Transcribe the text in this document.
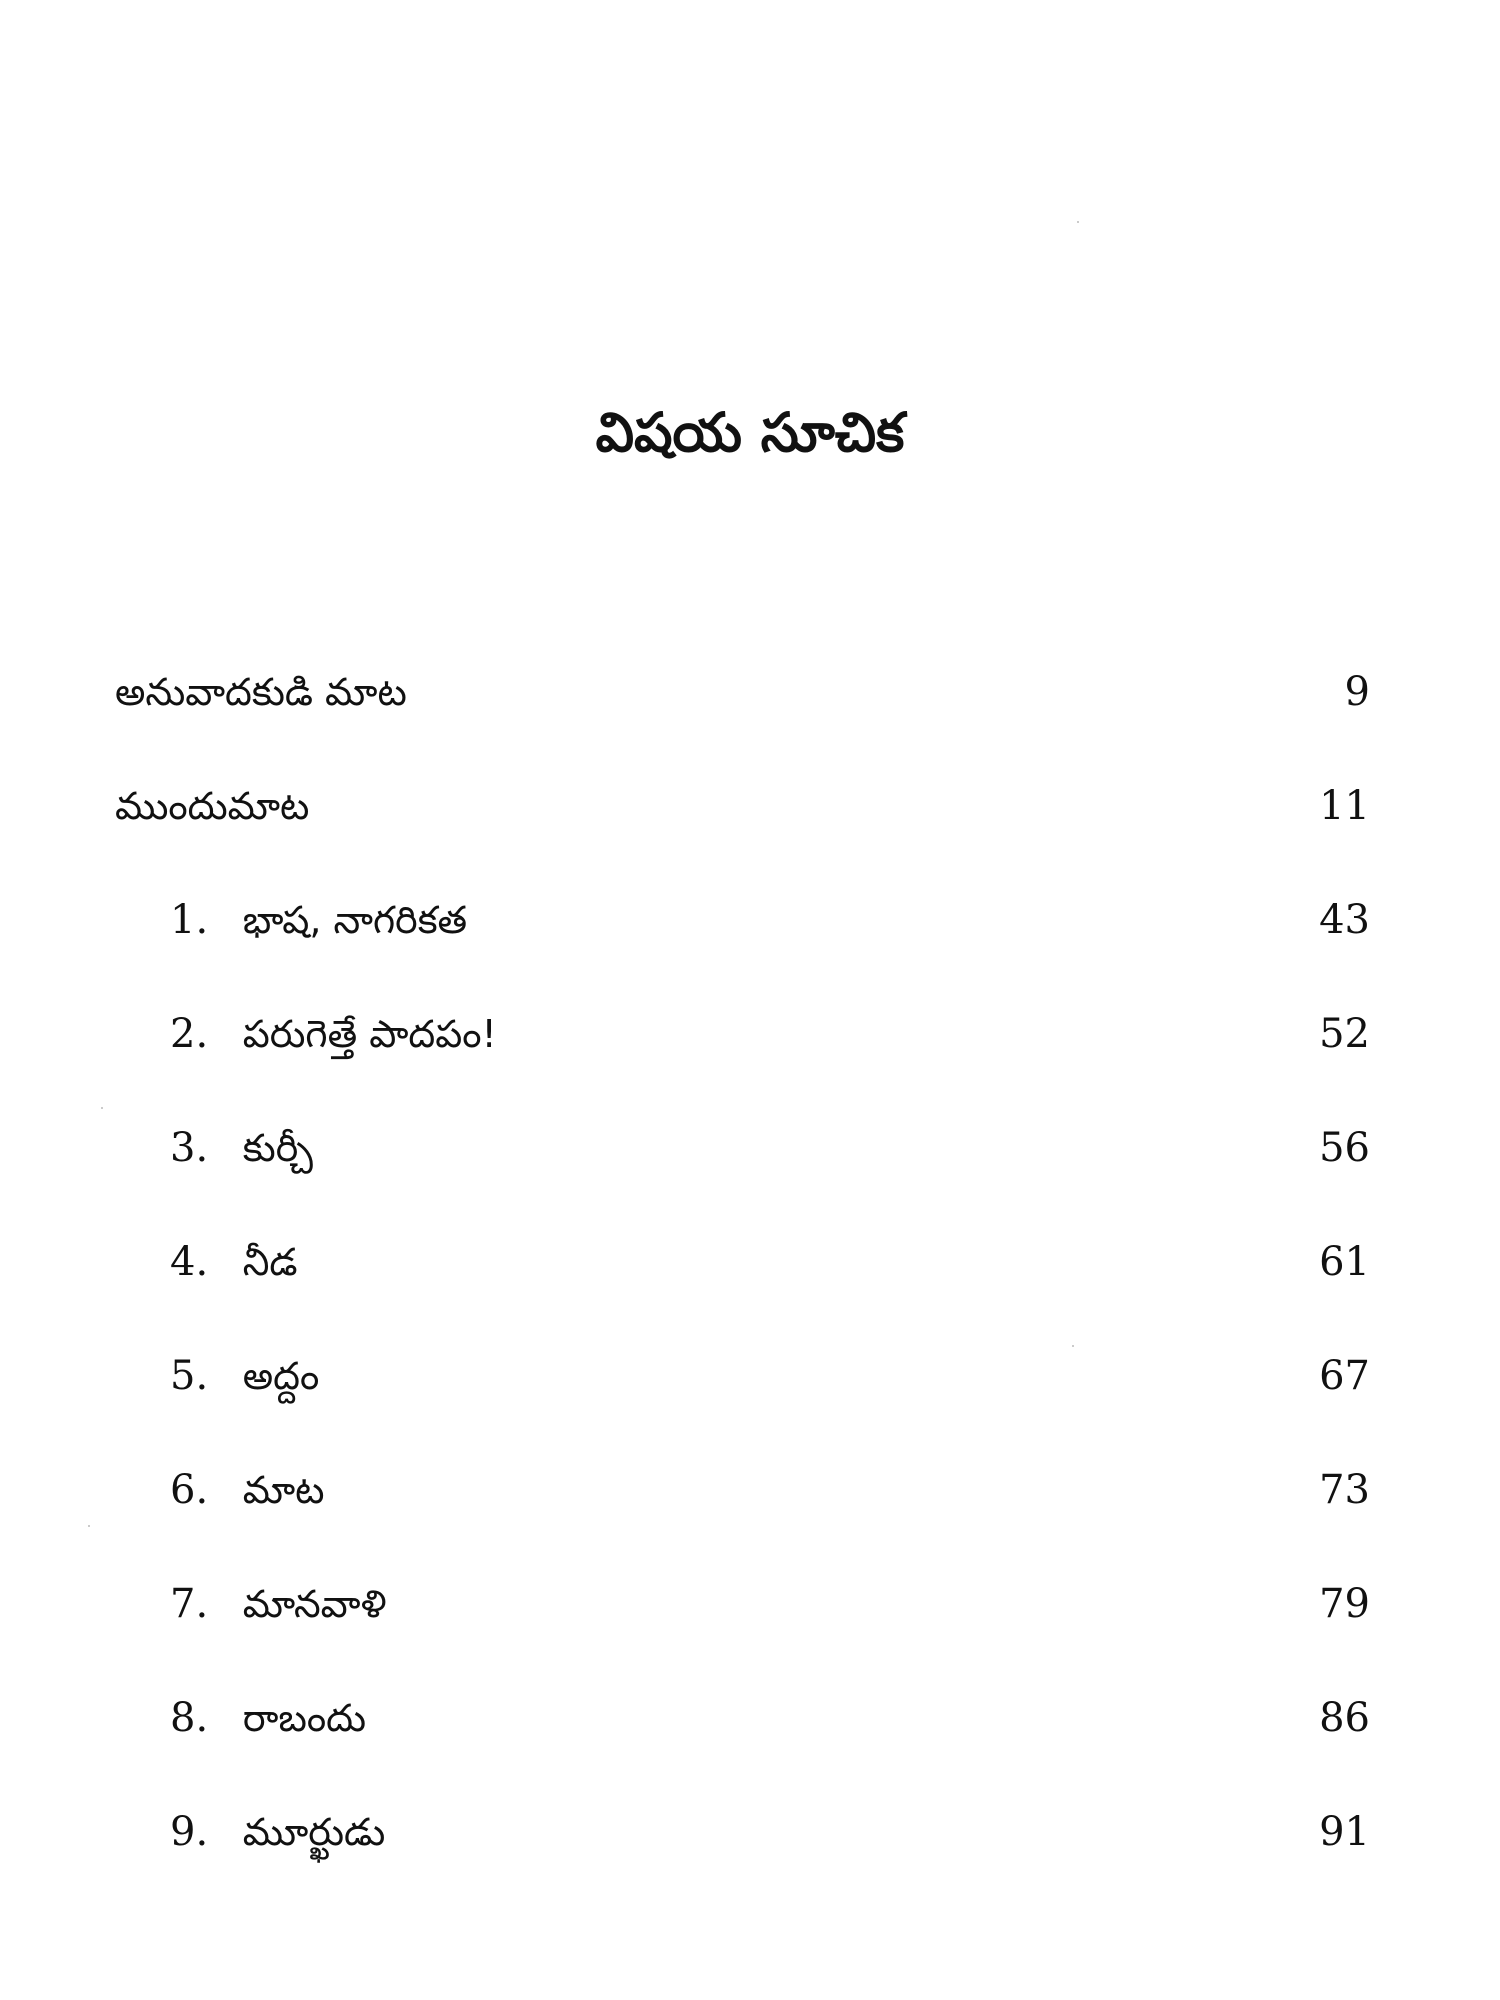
విషయ సూచిక
అనువాదకుడి మాట	9
ముందుమాట	11
1. భాష, నాగరికత	43
2. పరుగెత్తే పాదపం!	52
3. కుర్చీ	56
4. నీడ	61
5. అద్దం	67
6. మాట	73
7. మానవాళి	79
8. రాబందు	86
9. మూర్ఖుడు	91
